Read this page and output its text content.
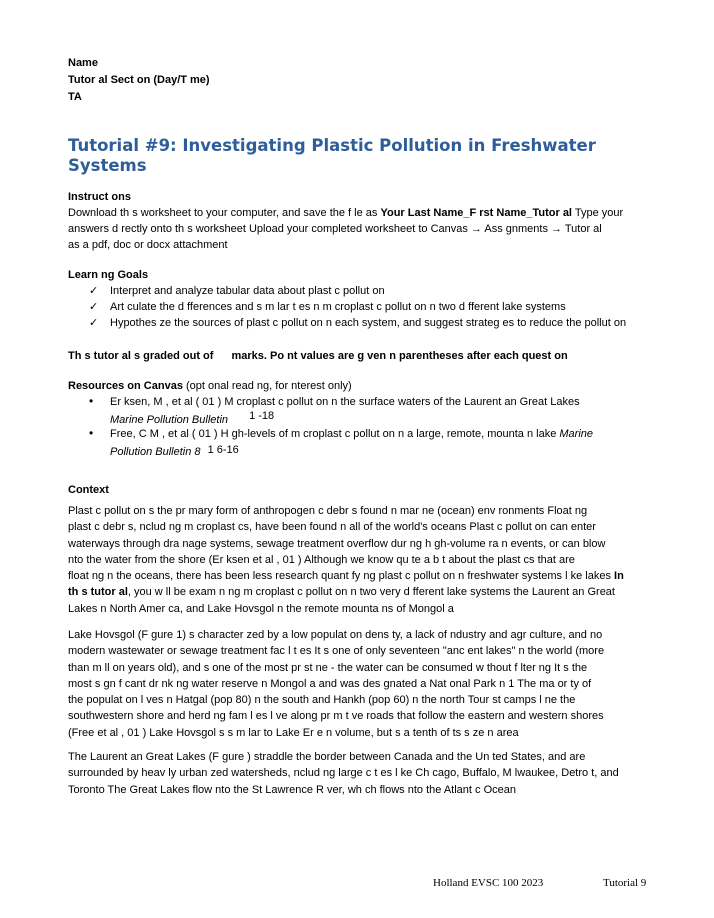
Name
Tutor al Sect on (Day/T me)
TA
Tutorial #9: Investigating Plastic Pollution in Freshwater
Systems
Instruct ons
Download th s worksheet to your computer, and save the f le as Your Last Name_F rst Name_Tutor al Type your
answers d rectly onto th s worksheet Upload your completed worksheet to Canvas → Ass gnments → Tutor al
as a pdf, doc or docx attachment
Learn ng Goals
✓ Interpret and analyze tabular data about plast c pollut on
✓ Art culate the d fferences and s m lar t es n m croplast c pollut on n two d fferent lake systems
✓ Hypothes ze the sources of plast c pollut on n each system, and suggest strateg es to reduce the pollut on
Th s tutor al s graded out of marks. Po nt values are g ven n parentheses after each quest on
Resources on Canvas (opt onal read ng, for nterest only)
• Er ksen, M , et al ( 01 ) M croplast c pollut on n the surface waters of the Laurent an Great Lakes
Marine Pollution Bulletin 1 -18
• Free, C M , et al ( 01 ) H gh-levels of m croplast c pollut on n a large, remote, mounta n lake Marine
Pollution Bulletin 8 1 6-16
Context
Plast c pollut on s the pr mary form of anthropogen c debr s found n mar ne (ocean) env ronments Float ng
plast c debr s, nclud ng m croplast cs, have been found n all of the world's oceans Plast c pollut on can enter
waterways through dra nage systems, sewage treatment overflow dur ng h gh-volume ra n events, or can blow
nto the water from the shore (Er ksen et al , 01 ) Although we know qu te a b t about the plast cs that are
float ng n the oceans, there has been less research quant fy ng plast c pollut on n freshwater systems l ke lakes In
th s tutor al, you w ll be exam n ng m croplast c pollut on n two very d fferent lake systems the Laurent an Great
Lakes n North Amer ca, and Lake Hovsgol n the remote mounta ns of Mongol a
Lake Hovsgol (F gure 1) s character zed by a low populat on dens ty, a lack of ndustry and agr culture, and no
modern wastewater or sewage treatment fac l t es It s one of only seventeen "anc ent lakes" n the world (more
than m ll on years old), and s one of the most pr st ne - the water can be consumed w thout f lter ng It s the
most s gn f cant dr nk ng water reserve n Mongol a and was des gnated a Nat onal Park n 1 The ma or ty of
the populat on l ves n Hatgal (pop 80) n the south and Hankh (pop 60) n the north Tour st camps l ne the
southwestern shore and herd ng fam l es l ve along pr m t ve roads that follow the eastern and western shores
(Free et al , 01 ) Lake Hovsgol s s m lar to Lake Er e n volume, but s a tenth of ts s ze n area
The Laurent an Great Lakes (F gure ) straddle the border between Canada and the Un ted States, and are
surrounded by heav ly urban zed watersheds, nclud ng large c t es l ke Ch cago, Buffalo, M lwaukee, Detro t, and
Toronto The Great Lakes flow nto the St Lawrence R ver, wh ch flows nto the Atlant c Ocean
Holland EVSC 100 2023	Tutorial 9
